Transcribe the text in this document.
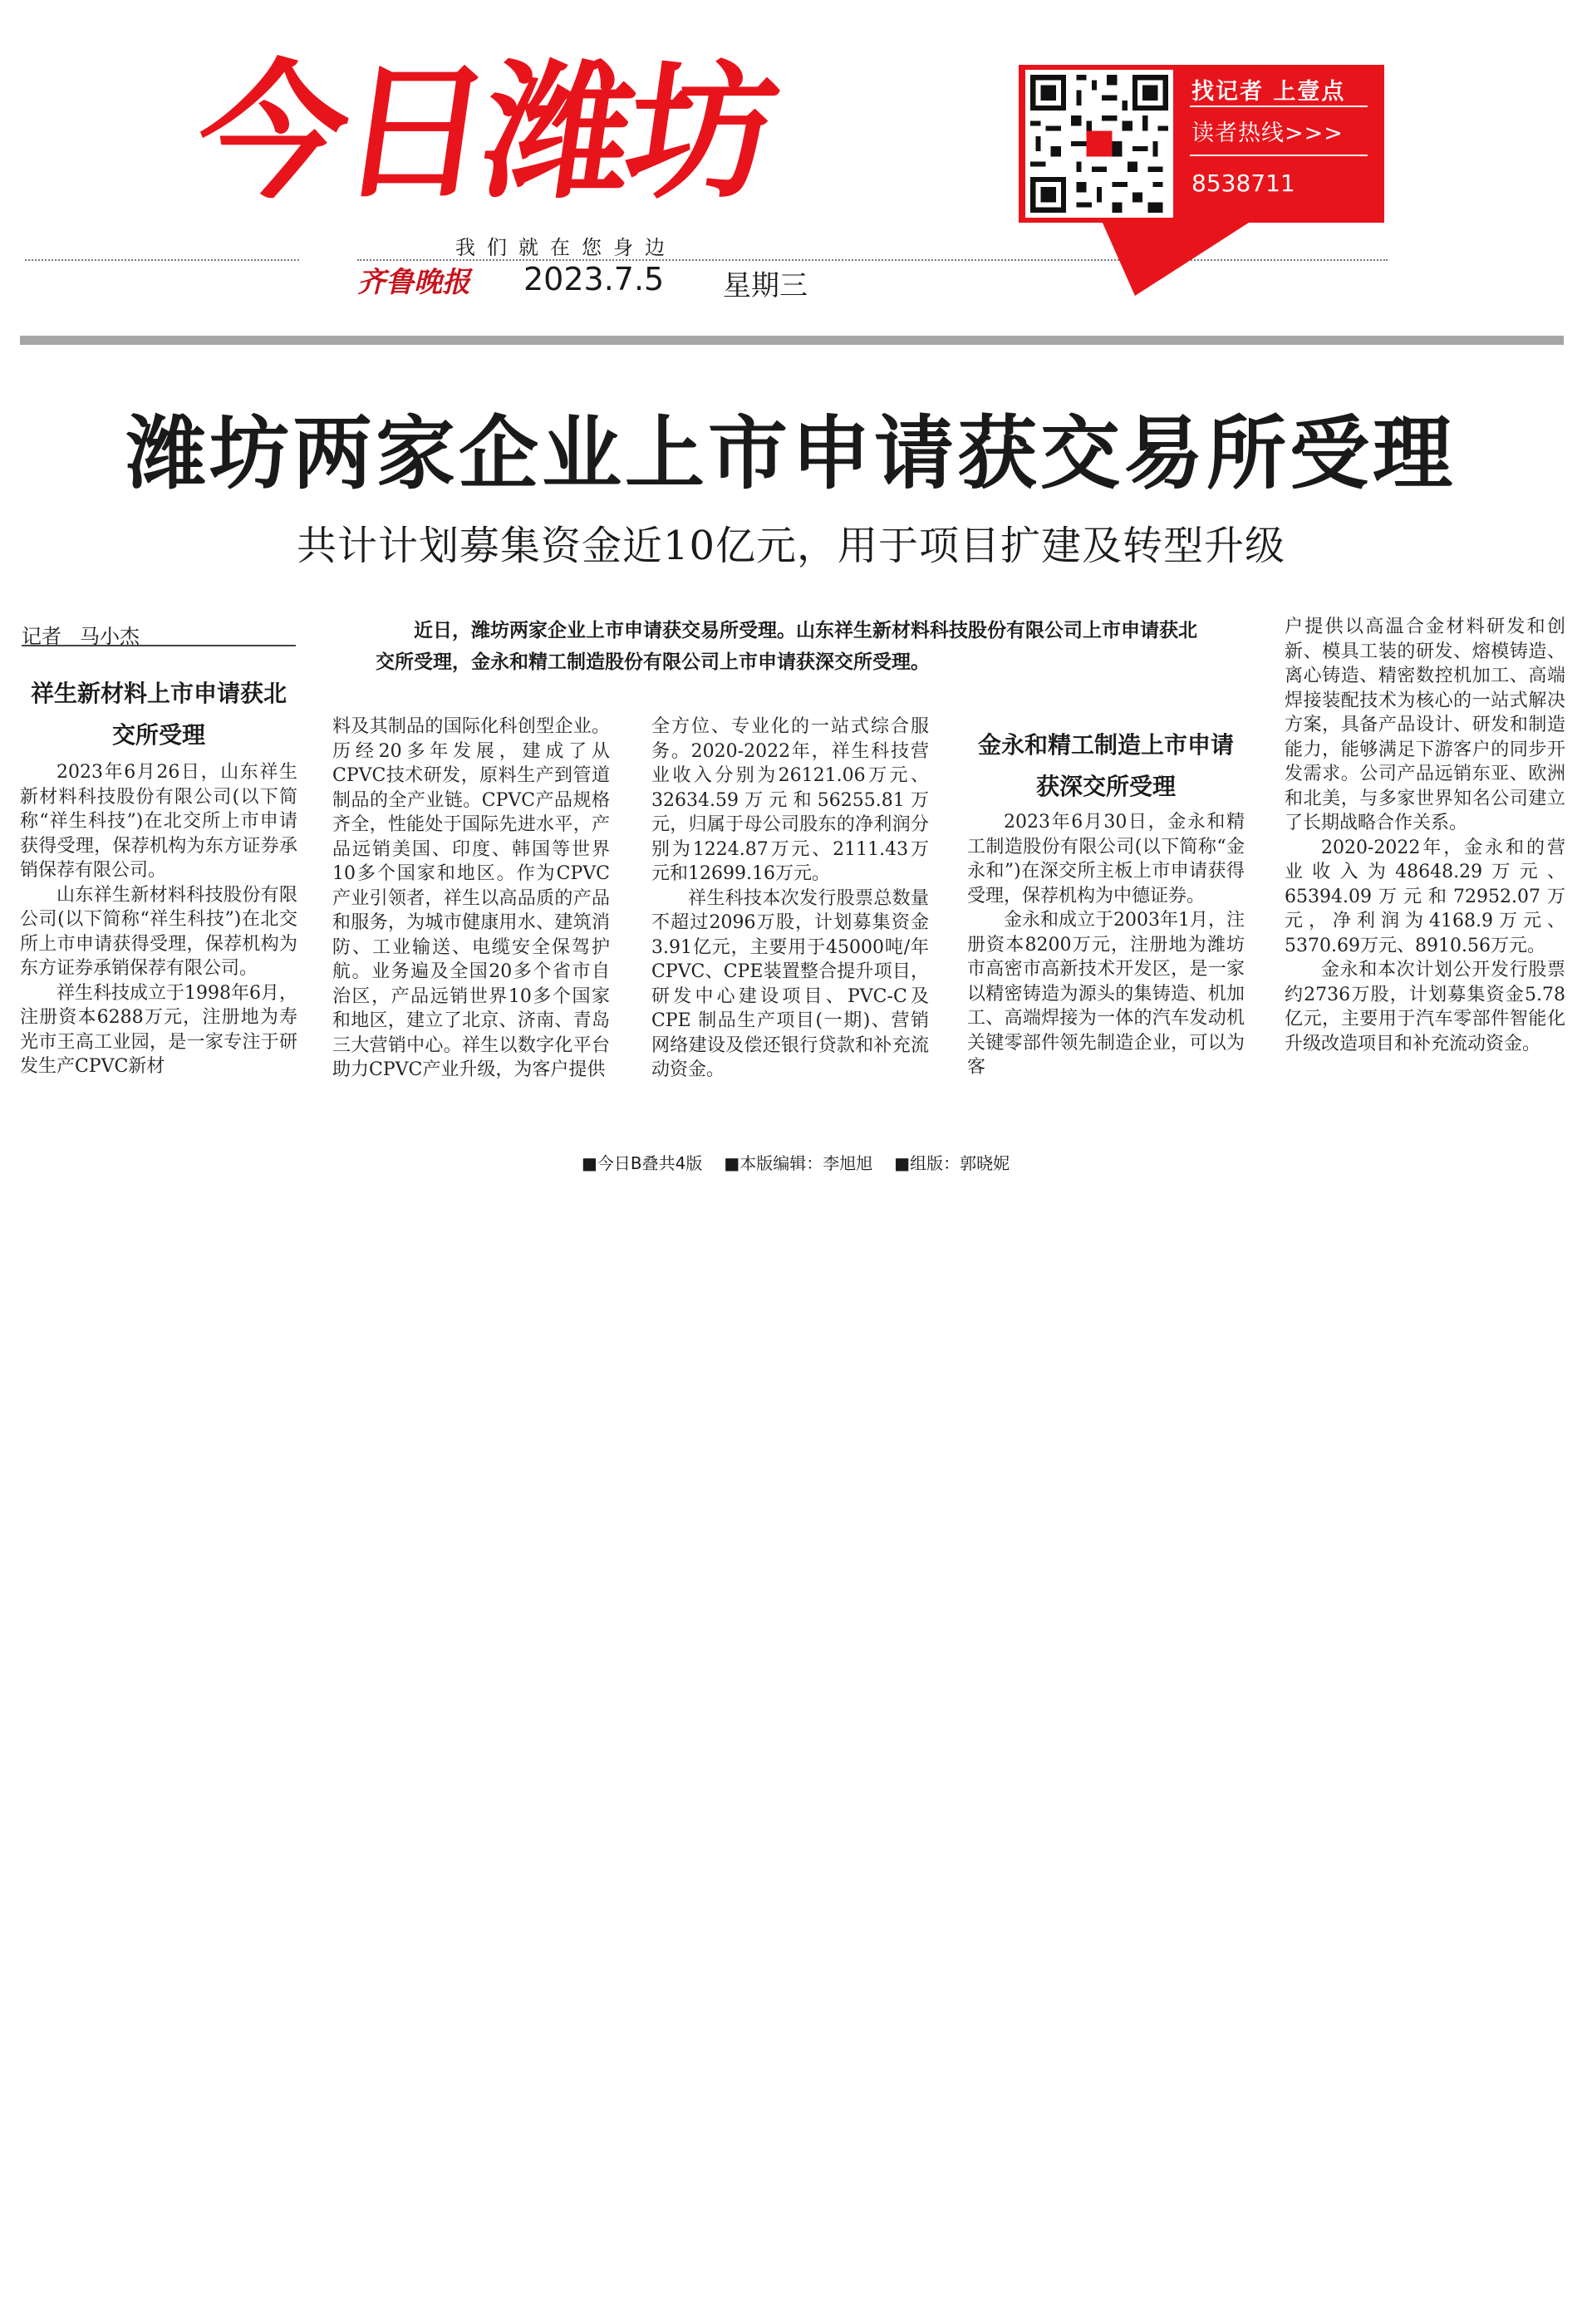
今日潍坊
我们就在您身边
齐鲁晚报 2023.7.5 星期三
找记者 上壹点
读者热线>>>
8538711
潍坊两家企业上市申请获交易所受理
共计计划募集资金近10亿元，用于项目扩建及转型升级
记者 马小杰	近日，潍坊两家企业上市申请获交易所受理。山东祥生新材料科技股份有限公司上市申请获北交所受理，金永和精工制造股份有限公司上市申请获深交所受理。
祥生新材料上市申请获北交所受理	金永和精工制造上市申请获深交所受理

2023年6月26日，山东祥生新材料科技股份有限公司(以下简称“祥生科技”)在北交所上市申请获得受理，保荐机构为东方证券承销保荐有限公司。

山东祥生新材料科技股份有限公司(以下简称“祥生科技”)在北交所上市申请获得受理，保荐机构为东方证券承销保荐有限公司。

祥生科技成立于1998年6月，注册资本6288万元，注册地为寿光市王高工业园，是一家专注于研发生产CPVC新材

料及其制品的国际化科创型企业。历经20多年发展，建成了从CPVC技术研发，原料生产到管道制品的全产业链。CPVC产品规格齐全，性能处于国际先进水平，产品远销美国、印度、韩国等世界10多个国家和地区。作为CPVC产业引领者，祥生以高品质的产品和服务，为城市健康用水、建筑消防、工业输送、电缆安全保驾护航。业务遍及全国20多个省市自治区，产品远销世界10多个国家和地区，建立了北京、济南、青岛三大营销中心。祥生以数字化平台助力CPVC产业升级，为客户提供

全方位、专业化的一站式综合服务。2020-2022年，祥生科技营业收入分别为26121.06万元、32634.59万元和56255.81万元，归属于母公司股东的净利润分别为1224.87万元、2111.43万元和12699.16万元。

祥生科技本次发行股票总数量不超过2096万股，计划募集资金3.91亿元，主要用于45000吨/年CPVC、CPE装置整合提升项目，研发中心建设项目、PVC-C及CPE 制品生产项目(一期)、营销网络建设及偿还银行贷款和补充流动资金。

2023年6月30日，金永和精工制造股份有限公司(以下简称“金永和”)在深交所主板上市申请获得受理，保荐机构为中德证券。

金永和成立于2003年1月，注册资本8200万元，注册地为潍坊市高密市高新技术开发区，是一家以精密铸造为源头的集铸造、机加工、高端焊接为一体的汽车发动机关键零部件领先制造企业，可以为客

户提供以高温合金材料研发和创新、模具工装的研发、熔模铸造、离心铸造、精密数控机加工、高端焊接装配技术为核心的一站式解决方案，具备产品设计、研发和制造能力，能够满足下游客户的同步开发需求。公司产品远销东亚、欧洲和北美，与多家世界知名公司建立了长期战略合作关系。

2020-2022年，金永和的营业收入为48648.29万元、65394.09万元和72952.07万元，净利润为4168.9万元、5370.69万元、8910.56万元。

金永和本次计划公开发行股票约2736万股，计划募集资金5.78亿元，主要用于汽车零部件智能化升级改造项目和补充流动资金。

■今日B叠共4版 ■本版编辑：李旭旭 ■组版：郭晓妮
